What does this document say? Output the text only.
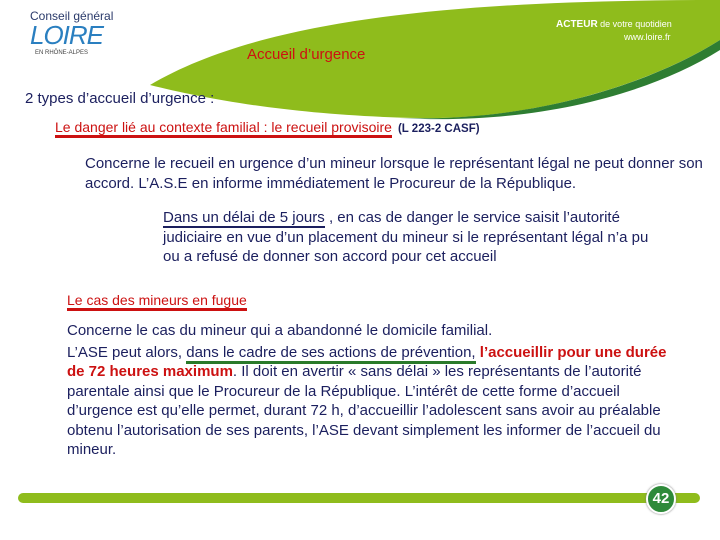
Conseil général
LOIRE
EN RHÔNE-ALPES
ACTEUR de votre quotidien
www.loire.fr
Accueil d’urgence
2 types d’accueil d’urgence :
Le danger lié au contexte familial : le recueil provisoire (L 223-2 CASF)
Concerne le recueil en urgence d’un mineur lorsque le représentant légal ne peut donner son accord. L’A.S.E en informe immédiatement le Procureur de la République.
Dans un délai de 5 jours , en cas de danger le service saisit l’autorité judiciaire en vue d’un placement du mineur si le représentant légal n’a pu ou a refusé de donner son accord pour cet accueil
Le cas des mineurs en fugue
Concerne le cas du mineur qui a abandonné le domicile familial.
L’ASE peut alors, dans le cadre de ses actions de prévention, l’accueillir pour une durée de 72 heures maximum. Il doit en avertir « sans délai » les représentants de l’autorité parentale ainsi que le Procureur de la République. L’intérêt de cette forme d’accueil d’urgence est qu’elle permet, durant 72 h, d’accueillir l’adolescent sans avoir au préalable obtenu l’autorisation de ses parents, l’ASE devant simplement les informer de l’accueil du mineur.
42
